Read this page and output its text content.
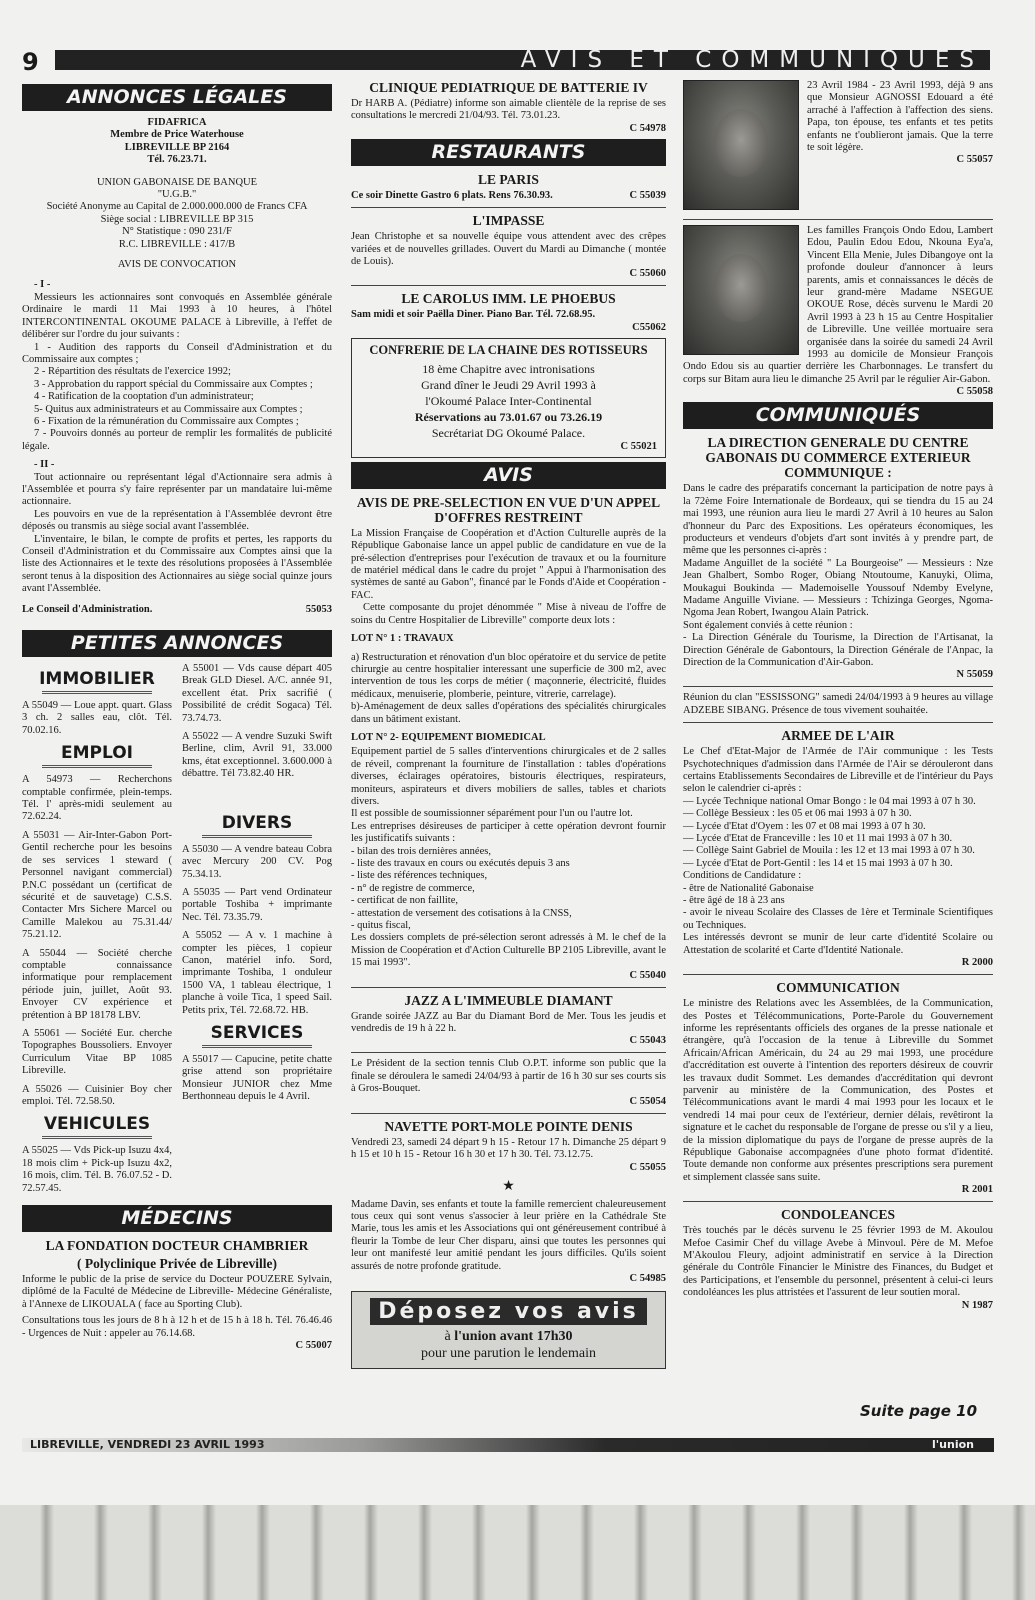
9	AVIS ET COMMUNIQUES
ANNONCES LÉGALES

FIDAFRICA

Membre de Price Waterhouse

LIBREVILLE BP 2164

Tél. 76.23.71.

UNION GABONAISE DE BANQUE

"U.G.B."

Société Anonyme au Capital de 2.000.000.000 de Francs CFA

Siège social : LIBREVILLE BP 315

N° Statistique : 090 231/F

R.C. LIBREVILLE : 417/B

AVIS DE CONVOCATION

- I -

Messieurs les actionnaires sont convoqués en Assemblée générale Ordinaire le mardi 11 Mai 1993 à 10 heures, à l'hôtel INTERCONTINENTAL OKOUME PALACE à Libreville, à l'effet de délibérer sur l'ordre du jour suivants :

1 - Audition des rapports du Conseil d'Administration et du Commissaire aux comptes ;

2 - Répartition des résultats de l'exercice 1992;

3 - Approbation du rapport spécial du Commissaire aux Comptes ;

4 - Ratification de la cooptation d'un administrateur;

5- Quitus aux administrateurs et au Commissaire aux Comptes ;

6 - Fixation de la rémunération du Commissaire aux Comptes ;

7 - Pouvoirs donnés au porteur de remplir les formalités de publicité légale.

- II -

Tout actionnaire ou représentant légal d'Actionnaire sera admis à l'Assemblée et pourra s'y faire représenter par un mandataire lui-même actionnaire.

Les pouvoirs en vue de la représentation à l'Assemblée devront être déposés ou transmis au siège social avant l'assemblée.

L'inventaire, le bilan, le compte de profits et pertes, les rapports du Conseil d'Administration et du Commissaire aux Comptes ainsi que la liste des Actionnaires et le texte des résolutions proposées à l'Assemblée seront tenus à la disposition des Actionnaires au siège social quinze jours avant l'Assemblée.

Le Conseil d'Administration.	55053
PETITES ANNONCES
IMMOBILIER

A 55049 — Loue appt. quart. Glass 3 ch. 2 salles eau, clôt. Tél. 70.02.16.

EMPLOI

A 54973 — Recherchons comptable confirmée, plein-temps. Tél. l' après-midi seulement au 72.62.24.

A 55031 — Air-Inter-Gabon Port-Gentil recherche pour les besoins de ses services 1 steward ( Personnel navigant commercial) P.N.C possédant un (certificat de sécurité et de sauvetage) C.S.S. Contacter Mrs Sichere Marcel ou Camille Malekou au 75.31.44/ 75.21.12.

A 55044 — Société cherche comptable connaissance informatique pour remplacement période juin, juillet, Août 93. Envoyer CV expérience et prétention à BP 18178 LBV.

A 55061 — Société Eur. cherche Topographes Boussoliers. Envoyer Curriculum Vitae BP 1085 Libreville.

A 55026 — Cuisinier Boy cher emploi. Tél. 72.58.50.

VEHICULES

A 55025 — Vds Pick-up Isuzu 4x4, 18 mois clim + Pick-up Isuzu 4x2, 16 mois, clim. Tél. B. 76.07.52 - D. 72.57.45.

A 55001 — Vds cause départ 405 Break GLD Diesel. A/C. année 91, excellent état. Prix sacrifié ( Possibilité de crédit Sogaca) Tél. 73.74.73.

A 55022 — A vendre Suzuki Swift Berline, clim, Avril 91, 33.000 kms, état exceptionnel. 3.600.000 à débattre. Tél 73.82.40 HR.

DIVERS

A 55030 — A vendre bateau Cobra avec Mercury 200 CV. Pog 75.34.13.

A 55035 — Part vend Ordinateur portable Toshiba + imprimante Nec. Tél. 73.35.79.

A 55052 — A v. 1 machine à compter les pièces, 1 copieur Canon, matériel info. Sord, imprimante Toshiba, 1 onduleur 1500 VA, 1 tableau électrique, 1 planche à voile Tica, 1 speed Sail. Petits prix, Tél. 72.68.72. HB.

SERVICES

A 55017 — Capucine, petite chatte grise attend son propriétaire Monsieur JUNIOR chez Mme Berthonneau depuis le 4 Avril.

MÉDECINS
LA FONDATION DOCTEUR CHAMBRIER
( Polyclinique Privée de Libreville)

Informe le public de la prise de service du Docteur POUZERE Sylvain, diplômé de la Faculté de Médecine de Libreville- Médecine Généraliste, à l'Annexe de LIKOUALA ( face au Sporting Club).

Consultations tous les jours de 8 h à 12 h et de 15 h à 18 h. Tél. 76.46.46 - Urgences de Nuit : appeler au 76.14.68.

C 55007
CLINIQUE PEDIATRIQUE DE BATTERIE IV

Dr HARB A. (Pédiatre) informe son aimable clientèle de la reprise de ses consultations le mercredi 21/04/93. Tél. 73.01.23.

C 54978
RESTAURANTS
LE PARIS
Ce soir Dinette Gastro 6 plats. Rens 76.30.93.	C 55039
L'IMPASSE

Jean Christophe et sa nouvelle équipe vous attendent avec des crêpes variées et de nouvelles grillades. Ouvert du Mardi au Dimanche ( montée de Louis).

C 55060
LE CAROLUS IMM. LE PHOEBUS

Sam midi et soir Paëlla Diner. Piano Bar. Tél. 72.68.95.

C55062
CONFRERIE DE LA CHAINE DES ROTISSEURS

18 ème Chapitre avec intronisations

Grand dîner le Jeudi 29 Avril 1993 à

l'Okoumé Palace Inter-Continental

Réservations au 73.01.67 ou 73.26.19

Secrétariat DG Okoumé Palace.

C 55021
AVIS
AVIS DE PRE-SELECTION EN VUE D'UN APPEL D'OFFRES RESTREINT

La Mission Française de Coopération et d'Action Culturelle auprès de la République Gabonaise lance un appel public de candidature en vue de la pré-sélection d'entreprises pour l'exécution de travaux et ou la fourniture de matériel médical dans le cadre du projet " Appui à l'harmonisation des systèmes de santé au Gabon", financé par le Fonds d'Aide et Coopération - FAC.

Cette composante du projet dénommée " Mise à niveau de l'offre de soins du Centre Hospitalier de Libreville" comporte deux lots :

LOT N° 1 : TRAVAUX

a) Restructuration et rénovation d'un bloc opératoire et du service de petite chirurgie au centre hospitalier interessant une superficie de 300 m2, avec intervention de tous les corps de métier ( maçonnerie, électricité, fluides médicaux, menuiserie, plomberie, peinture, vitrerie, carrelage).

b)-Aménagement de deux salles d'opérations des spécialités chirurgicales dans un bâtiment existant.

LOT N° 2- EQUIPEMENT BIOMEDICAL

Equipement partiel de 5 salles d'interventions chirurgicales et de 2 salles de réveil, comprenant la fourniture de l'installation : tables d'opérations diverses, éclairages opératoires, bistouris électriques, respirateurs, moniteurs, aspirateurs et divers mobiliers de salles, tables et chariots divers.

Il est possible de soumissionner séparément pour l'un ou l'autre lot.

Les entreprises désireuses de participer à cette opération devront fournir les justificatifs suivants :

- bilan des trois dernières années,

- liste des travaux en cours ou exécutés depuis 3 ans

- liste des références techniques,

- n° de registre de commerce,

- certificat de non faillite,

- attestation de versement des cotisations à la CNSS,

- quitus fiscal,

Les dossiers complets de pré-sélection seront adressés à M. le chef de la Mission de Coopération et d'Action Culturelle BP 2105 Libreville, avant le 15 mai 1993".

C 55040
JAZZ A L'IMMEUBLE DIAMANT

Grande soirée JAZZ au Bar du Diamant Bord de Mer. Tous les jeudis et vendredis de 19 h à 22 h.

C 55043

Le Président de la section tennis Club O.P.T. informe son public que la finale se déroulera le samedi 24/04/93 à partir de 16 h 30 sur ses courts sis à Gros-Bouquet.

C 55054
NAVETTE PORT-MOLE POINTE DENIS

Vendredi 23, samedi 24 départ 9 h 15 - Retour 17 h. Dimanche 25 départ 9 h 15 et 10 h 15 - Retour 16 h 30 et 17 h 30. Tél. 73.12.75.

C 55055
★

Madame Davin, ses enfants et toute la famille remercient chaleureusement tous ceux qui sont venus s'associer à leur prière en la Cathédrale Ste Marie, tous les amis et les Associations qui ont généreusement contribué à fleurir la Tombe de leur Cher disparu, ainsi que toutes les personnes qui leur ont manifesté leur amitié pendant les jours difficiles. Qu'ils soient assurés de notre profonde gratitude.

C 54985
Déposez vos avis
à l'union avant 17h30
pour une parution le lendemain

23 Avril 1984 - 23 Avril 1993, déjà 9 ans que Monsieur AGNOSSI Edouard a été arraché à l'affection à l'affection des siens. Papa, ton épouse, tes enfants et tes petits enfants ne t'oublieront jamais. Que la terre te soit légère.

C 55057

Les familles François Ondo Edou, Lambert Edou, Paulin Edou Edou, Nkouna Eya'a, Vincent Ella Menie, Jules Dibangoye ont la profonde douleur d'annoncer à leurs parents, amis et connaissances le décès de leur grand-mère Madame NSEGUE OKOUE Rose, décès survenu le Mardi 20 Avril 1993 à 23 h 15 au Centre Hospitalier de Libreville. Une veillée mortuaire sera organisée dans la soirée du samedi 24 Avril 1993 au domicile de Monsieur François Ondo Edou sis au quartier derrière les Charbonnages. Le transfert du corps sur Bitam aura lieu le dimanche 25 Avril par le régulier Air-Gabon.

C 55058
COMMUNIQUÉS
LA DIRECTION GENERALE DU CENTRE GABONAIS DU COMMERCE EXTERIEUR COMMUNIQUE :

Dans le cadre des préparatifs concernant la participation de notre pays à la 72ème Foire Internationale de Bordeaux, qui se tiendra du 15 au 24 mai 1993, une réunion aura lieu le mardi 27 Avril à 10 heures au Salon d'honneur du Parc des Expositions. Les opérateurs économiques, les producteurs et vendeurs d'objets d'art sont invités à y prendre part, de même que les personnes ci-après :

Madame Anguillet de la société " La Bourgeoise" — Messieurs : Nze Jean Ghalbert, Sombo Roger, Obiang Ntoutoume, Kanuyki, Olima, Moukagui Boukinda — Mademoiselle Youssouf Ndemby Evelyne, Madame Anguille Viviane. — Messieurs : Tchizinga Georges, Ngoma-Ngoma Jean Robert, Iwangou Alain Patrick.

Sont également conviés à cette réunion :

- La Direction Générale du Tourisme, la Direction de l'Artisanat, la Direction Générale de Gabontours, la Direction Générale de l'Anpac, la Direction de la Communication d'Air-Gabon.

N 55059

Réunion du clan "ESSISSONG" samedi 24/04/1993 à 9 heures au village ADZEBE SIBANG. Présence de tous vivement souhaitée.

ARMEE DE L'AIR

Le Chef d'Etat-Major de l'Armée de l'Air communique : les Tests Psychotechniques d'admission dans l'Armée de l'Air se dérouleront dans certains Etablissements Secondaires de Libreville et de l'intérieur du Pays selon le calendrier ci-après :

— Lycée Technique national Omar Bongo : le 04 mai 1993 à 07 h 30.

— Collège Bessieux : les 05 et 06 mai 1993 à 07 h 30.

— Lycée d'Etat d'Oyem : les 07 et 08 mai 1993 à 07 h 30.

— Lycée d'Etat de Franceville : les 10 et 11 mai 1993 à 07 h 30.

— Collège Saint Gabriel de Mouila : les 12 et 13 mai 1993 à 07 h 30.

— Lycée d'Etat de Port-Gentil : les 14 et 15 mai 1993 à 07 h 30.

Conditions de Candidature :

- être de Nationalité Gabonaise

- être âgé de 18 à 23 ans

- avoir le niveau Scolaire des Classes de 1ère et Terminale Scientifiques ou Techniques.

Les intéressés devront se munir de leur carte d'identité Scolaire ou Attestation de scolarité et Carte d'Identité Nationale.

R 2000
COMMUNICATION

Le ministre des Relations avec les Assemblées, de la Communication, des Postes et Télécommunications, Porte-Parole du Gouvernement informe les représentants officiels des organes de la presse nationale et étrangère, qu'à l'occasion de la tenue à Libreville du Sommet Africain/African Américain, du 24 au 29 mai 1993, une procédure d'accréditation est ouverte à l'intention des reporters désireux de couvrir les travaux dudit Sommet. Les demandes d'accréditation qui devront parvenir au ministère de la Communication, des Postes et Télécommunications avant le mardi 4 mai 1993 pour les locaux et le vendredi 14 mai pour ceux de l'extérieur, dernier délais, revêtiront la signature et le cachet du responsable de l'organe de presse ou s'il y a lieu, de la mission diplomatique du pays de l'organe de presse auprès de la République Gabonaise accompagnées d'une photo format d'identité. Toute demande non conforme aux présentes prescriptions sera purement et simplement classée sans suite.

R 2001
CONDOLEANCES

Très touchés par le décès survenu le 25 février 1993 de M. Akoulou Mefoe Casimir Chef du village Avebe à Minvoul. Père de M. Mefoe M'Akoulou Fleury, adjoint administratif en service à la Direction générale du Contrôle Financier le Ministre des Finances, du Budget et des Participations, et l'ensemble du personnel, présentent à celui-ci leurs condoléances les plus attristées et l'assurent de leur soutien moral.

N 1987
Suite page 10
LIBREVILLE, VENDREDI 23 AVRIL 1993	l'union
